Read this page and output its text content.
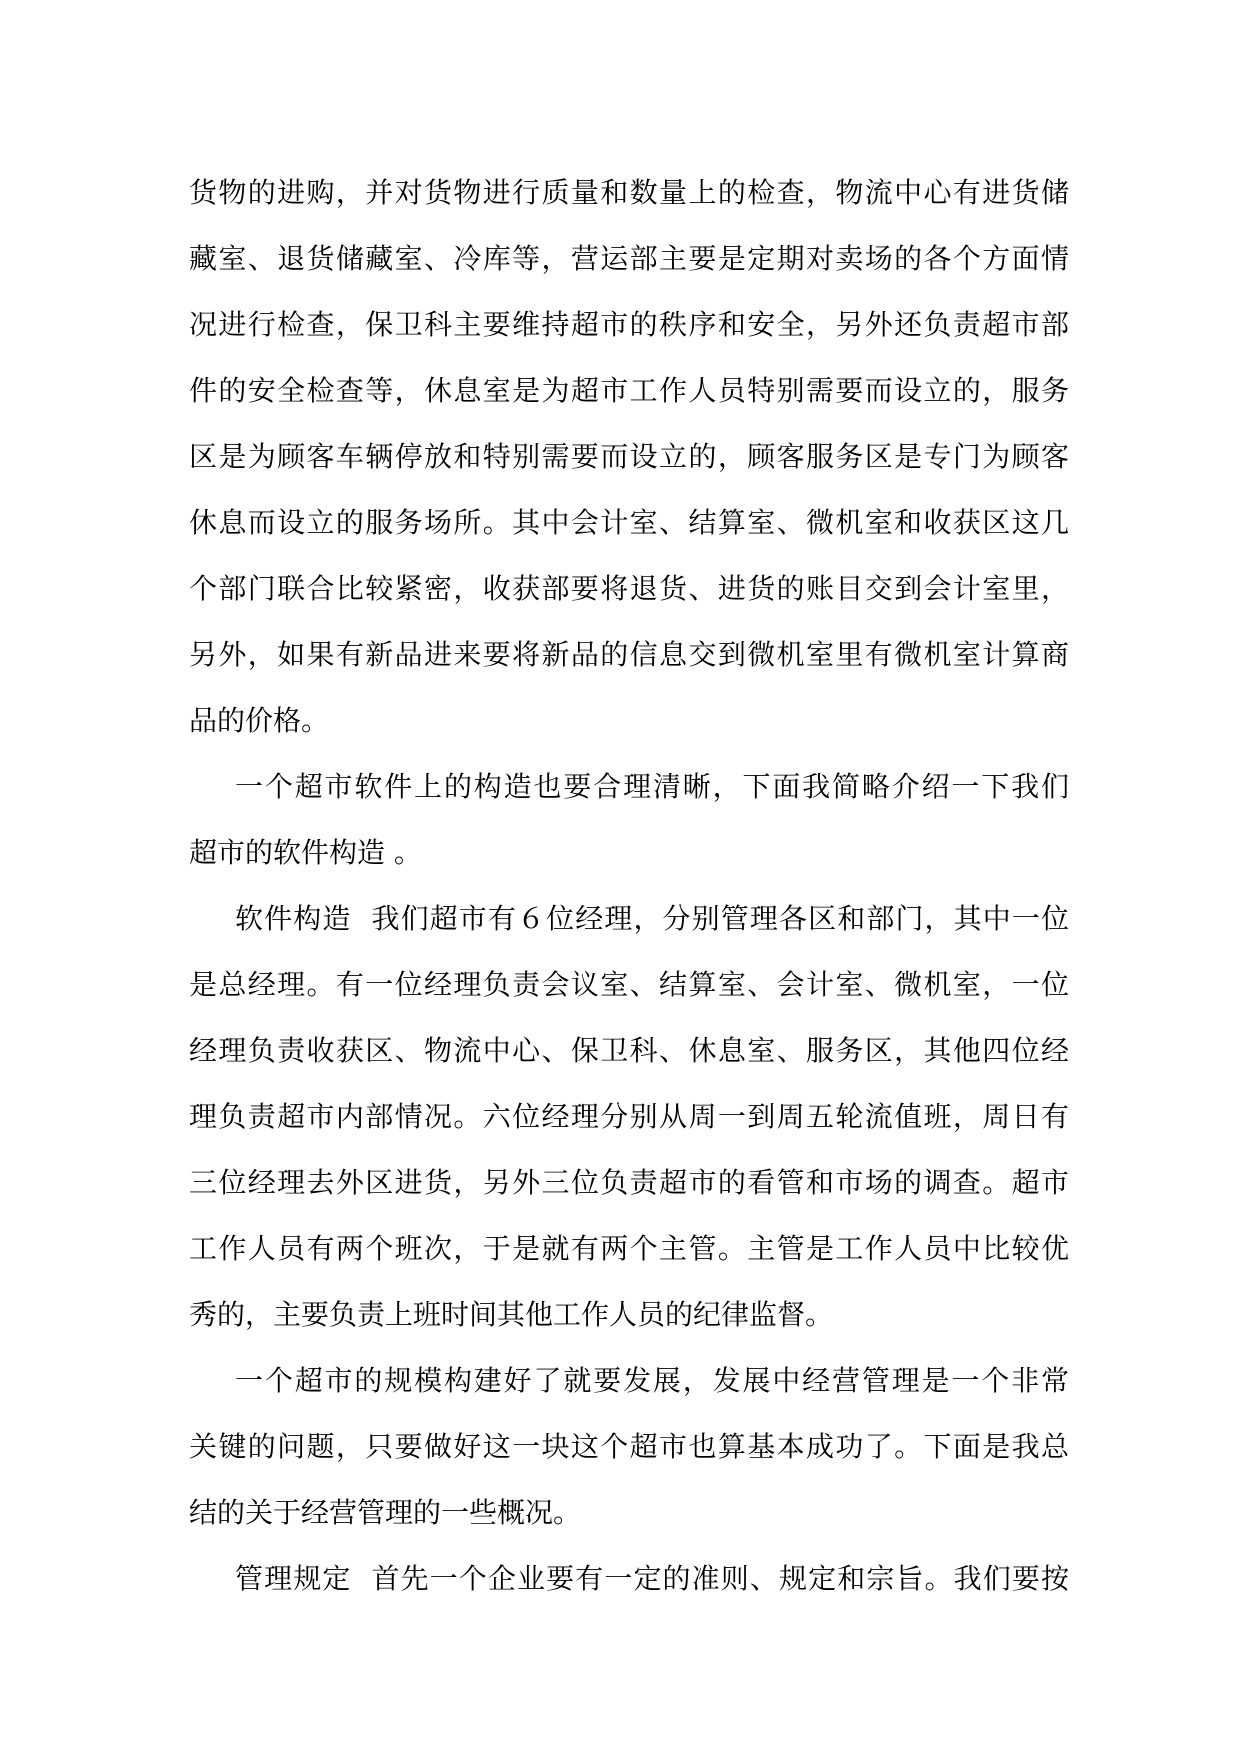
货物的进购，并对货物进行质量和数量上的检查，物流中心有进货储
藏室、退货储藏室、冷库等，营运部主要是定期对卖场的各个方面情
况进行检查，保卫科主要维持超市的秩序和安全，另外还负责超市部
件的安全检查等，休息室是为超市工作人员特别需要而设立的，服务
区是为顾客车辆停放和特别需要而设立的，顾客服务区是专门为顾客
休息而设立的服务场所。其中会计室、结算室、微机室和收获区这几
个部门联合比较紧密，收获部要将退货、进货的账目交到会计室里，
另外，如果有新品进来要将新品的信息交到微机室里有微机室计算商
品的价格。
一个超市软件上的构造也要合理清晰，下面我简略介绍一下我们
超市的软件构造 。
软件构造  我们超市有６位经理，分别管理各区和部门，其中一位
是总经理。有一位经理负责会议室、结算室、会计室、微机室，一位
经理负责收获区、物流中心、保卫科、休息室、服务区，其他四位经
理负责超市内部情况。六位经理分别从周一到周五轮流值班，周日有
三位经理去外区进货，另外三位负责超市的看管和市场的调查。超市
工作人员有两个班次，于是就有两个主管。主管是工作人员中比较优
秀的，主要负责上班时间其他工作人员的纪律监督。
一个超市的规模构建好了就要发展，发展中经营管理是一个非常
关键的问题，只要做好这一块这个超市也算基本成功了。下面是我总
结的关于经营管理的一些概况。
管理规定  首先一个企业要有一定的准则、规定和宗旨。我们要按
